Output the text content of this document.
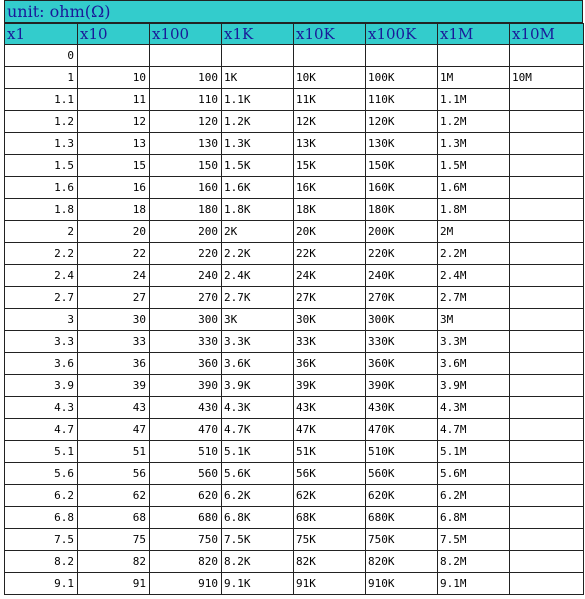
unit: ohm(Ω)
x1	x10	x100	x1K	x10K	x100K	x1M	x10M
0							
1	10	100	1K	10K	100K	1M	10M
1.1	11	110	1.1K	11K	110K	1.1M	
1.2	12	120	1.2K	12K	120K	1.2M	
1.3	13	130	1.3K	13K	130K	1.3M	
1.5	15	150	1.5K	15K	150K	1.5M	
1.6	16	160	1.6K	16K	160K	1.6M	
1.8	18	180	1.8K	18K	180K	1.8M	
2	20	200	2K	20K	200K	2M	
2.2	22	220	2.2K	22K	220K	2.2M	
2.4	24	240	2.4K	24K	240K	2.4M	
2.7	27	270	2.7K	27K	270K	2.7M	
3	30	300	3K	30K	300K	3M	
3.3	33	330	3.3K	33K	330K	3.3M	
3.6	36	360	3.6K	36K	360K	3.6M	
3.9	39	390	3.9K	39K	390K	3.9M	
4.3	43	430	4.3K	43K	430K	4.3M	
4.7	47	470	4.7K	47K	470K	4.7M	
5.1	51	510	5.1K	51K	510K	5.1M	
5.6	56	560	5.6K	56K	560K	5.6M	
6.2	62	620	6.2K	62K	620K	6.2M	
6.8	68	680	6.8K	68K	680K	6.8M	
7.5	75	750	7.5K	75K	750K	7.5M	
8.2	82	820	8.2K	82K	820K	8.2M	
9.1	91	910	9.1K	91K	910K	9.1M	
